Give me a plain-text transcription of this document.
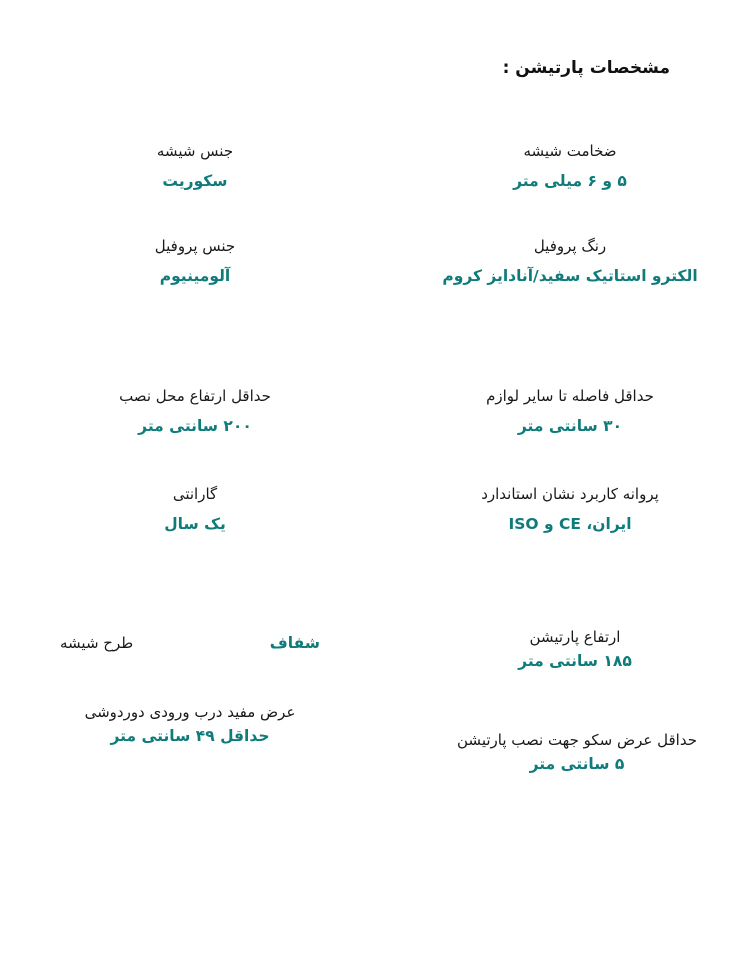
مشخصات پارتیشن :
جنس شیشه
سکوریت
ضخامت شیشه
۵ و ۶ میلی متر
جنس پروفیل
آلومینیوم
رنگ پروفیل
الکترو استاتیک سفید/آنادایز کروم
حداقل ارتفاع محل نصب
۲۰۰ سانتی متر
حداقل فاصله تا سایر لوازم
۳۰ سانتی متر
گارانتی
یک سال
پروانه کاربرد نشان استاندارد
ایران، CE و ISO
شفاف
طرح شیشه
عرض مفید درب ورودی دوردوشی
حداقل ۴۹ سانتی متر
ارتفاع پارتیشن
۱۸۵ سانتی متر
حداقل عرض سکو جهت نصب پارتیشن
۵ سانتی متر
